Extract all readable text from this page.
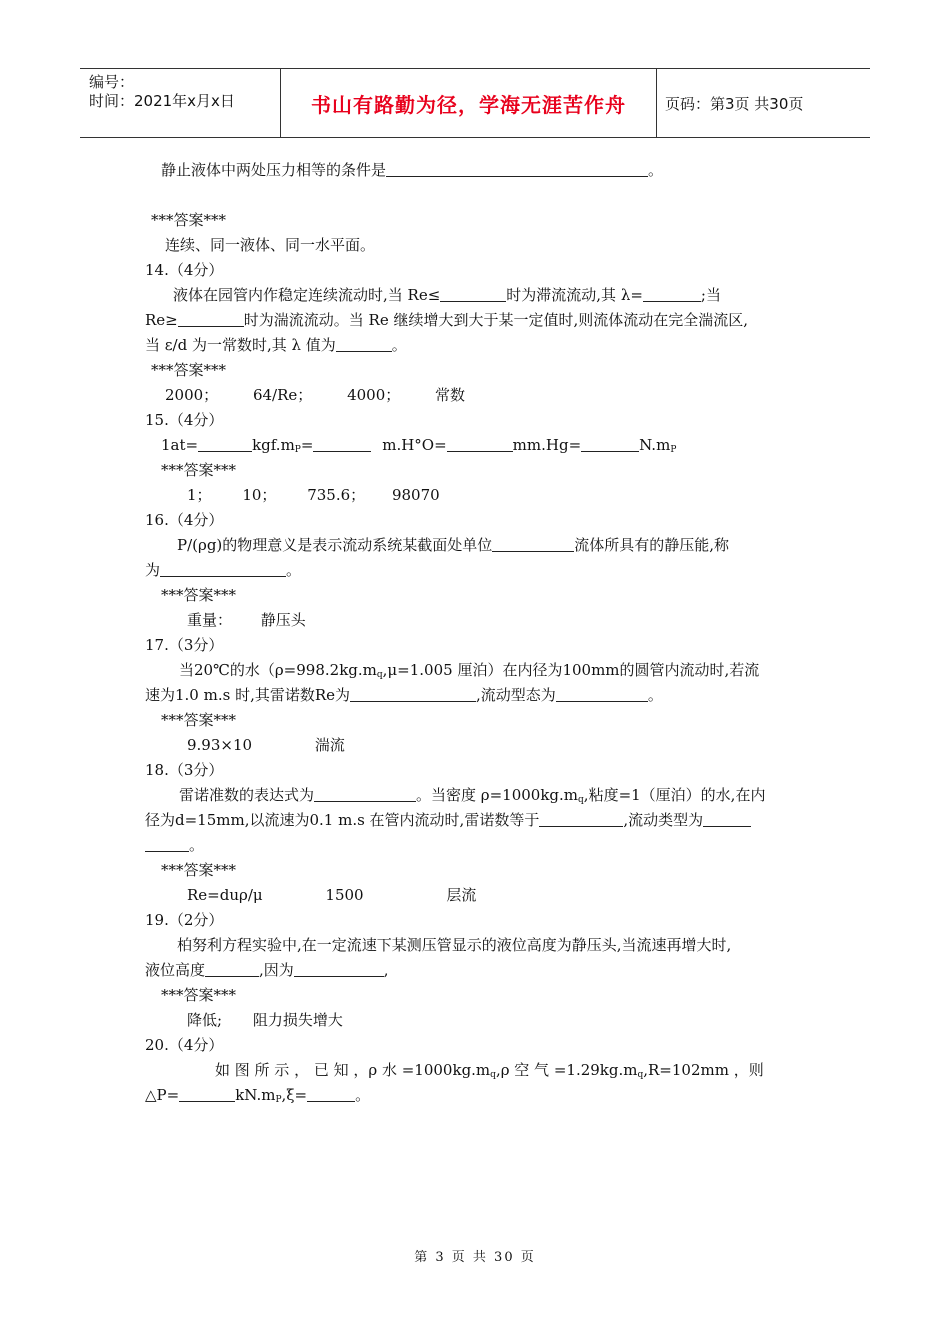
编号：
时间：2021年x月x日	书山有路勤为径，学海无涯苦作舟	页码：第3页 共30页
静止液体中两处压力相等的条件是	。
***答案***
连续、同一液体、同一水平面。
14.（4分）
液体在园管内作稳定连续流动时,当 Re≤	时为滞流流动,其 λ=	;当
Re≥	时为湍流流动。当 Re 继续增大到大于某一定值时,则流体流动在完全湍流区,
当 ε/d 为一常数时,其 λ 值为	。
***答案***
2000； 64/Re； 4000； 常数
15.（4分）
1at=	$kgf.m_P=$	m.H°O=	mm.Hg=	$N.m_P$
***答案***
1； 10； 735.6； 98070
16.（4分）
P/(ρg)的物理意义是表示流动系统某截面处单位	流体所具有的静压能,称
为	。
***答案***
重量： 静压头
17.（3分）
当20℃的水（$\rho=998.2kg.m_q,\mu=1.005$ 厘泊）在内径为100mm的圆管内流动时,若流
速为1.0 m.s 时,其雷诺数Re为	,流动型态为	。
***答案***
9.93×10	湍流
18.（3分）
雷诺准数的表达式为	。当密度 $\rho=1000kg.m_q$,粘度=1（厘泊）的水,在内
径为d=15mm,以流速为0.1 m.s 在管内流动时,雷诺数等于	,流动类型为
。
***答案***
Re=duρ/μ	1500	层流
19.（2分）
柏努利方程实验中,在一定流速下某测压管显示的液位高度为静压头,当流速再增大时,
液位高度	,因为	,
***答案***
降低; 阻力损失增大
20.（4分）
如 图 所 示 ， 已 知 ，ρ 水 $=1000kg.m_q,\rho$ 空 气 $=1.29kg.m_q,R=102mm$ ，则
△P=	$kN.m_P,\xi=$	。
第 3 页 共 30 页
